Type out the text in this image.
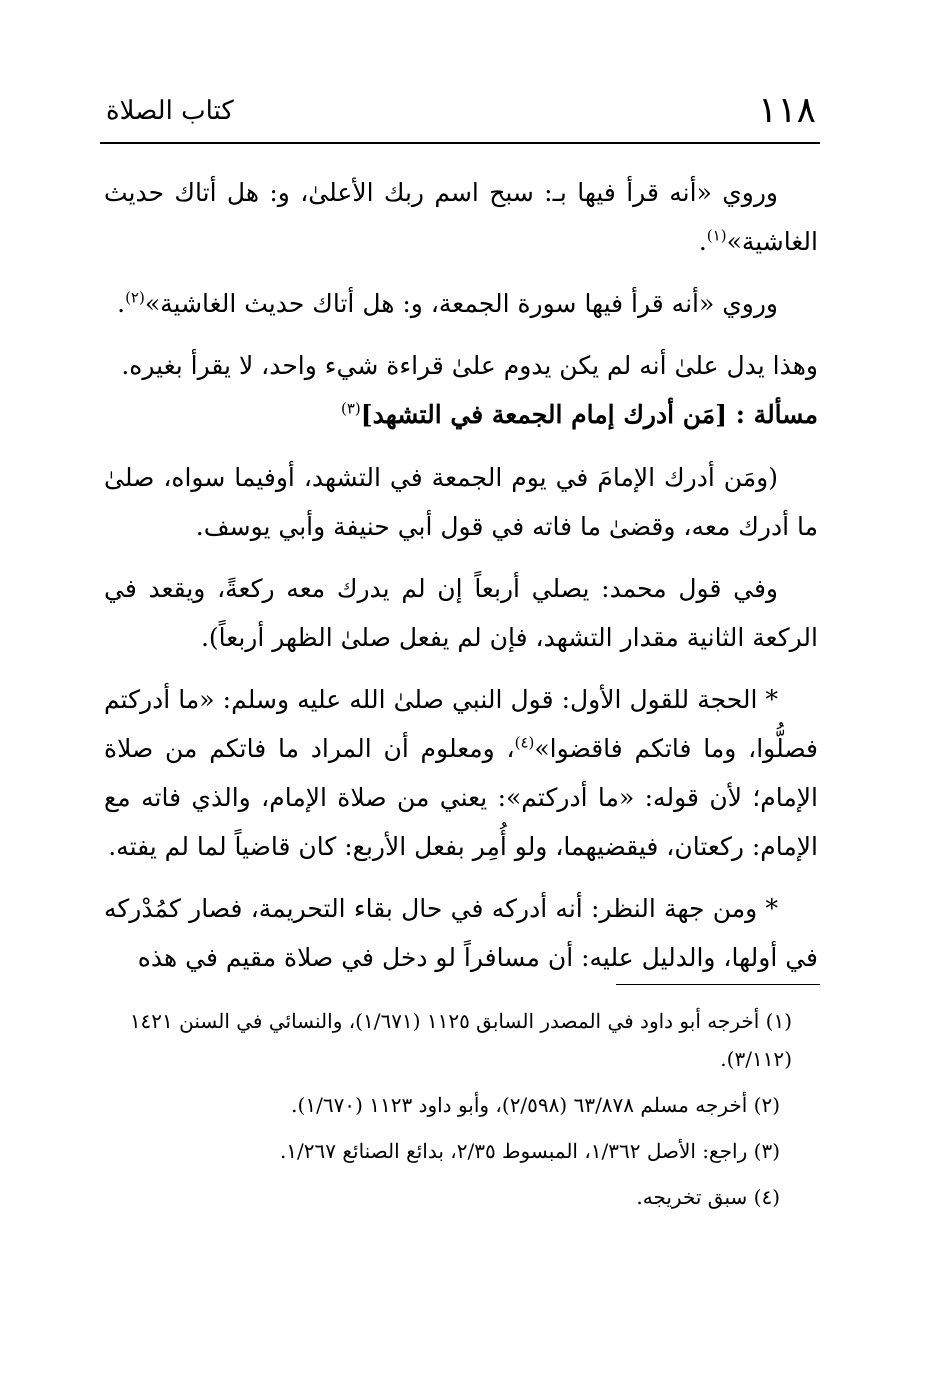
١١٨
كتاب الصلاة

وروي «أنه قرأ فيها بـ: سبح اسم ربك الأعلىٰ، و: هل أتاك حديث الغاشية»$^{(١)}$.

وروي «أنه قرأ فيها سورة الجمعة، و: هل أتاك حديث الغاشية»$^{(٢)}$.

وهذا يدل علىٰ أنه لم يكن يدوم علىٰ قراءة شيء واحد، لا يقرأ بغيره.

مسألة : [مَن أدرك إمام الجمعة في التشهد]$^{(٣)}$

(ومَن أدرك الإمامَ في يوم الجمعة في التشهد، أوفيما سواه، صلىٰ ما أدرك معه، وقضىٰ ما فاته في قول أبي حنيفة وأبي يوسف.

وفي قول محمد: يصلي أربعاً إن لم يدرك معه ركعةً، ويقعد في الركعة الثانية مقدار التشهد، فإن لم يفعل صلىٰ الظهر أربعاً).

* الحجة للقول الأول: قول النبي صلىٰ الله عليه وسلم: «ما أدركتم فصلُّوا، وما فاتكم فاقضوا»$^{(٤)}$، ومعلوم أن المراد ما فاتكم من صلاة الإمام؛ لأن قوله: «ما أدركتم»: يعني من صلاة الإمام، والذي فاته مع الإمام: ركعتان، فيقضيهما، ولو أُمِر بفعل الأربع: كان قاضياً لما لم يفته.

* ومن جهة النظر: أنه أدركه في حال بقاء التحريمة، فصار كمُدْركه في أولها، والدليل عليه: أن مسافراً لو دخل في صلاة مقيم في هذه

(١) أخرجه أبو داود في المصدر السابق ١١٢٥ (١/٦٧١)، والنسائي في السنن ١٤٢١ (٣/١١٢).
(٢) أخرجه مسلم ٦٣/٨٧٨ (٢/٥٩٨)، وأبو داود ١١٢٣ (١/٦٧٠).
(٣) راجع: الأصل ١/٣٦٢، المبسوط ٢/٣٥، بدائع الصنائع ١/٢٦٧.
(٤) سبق تخريجه.
